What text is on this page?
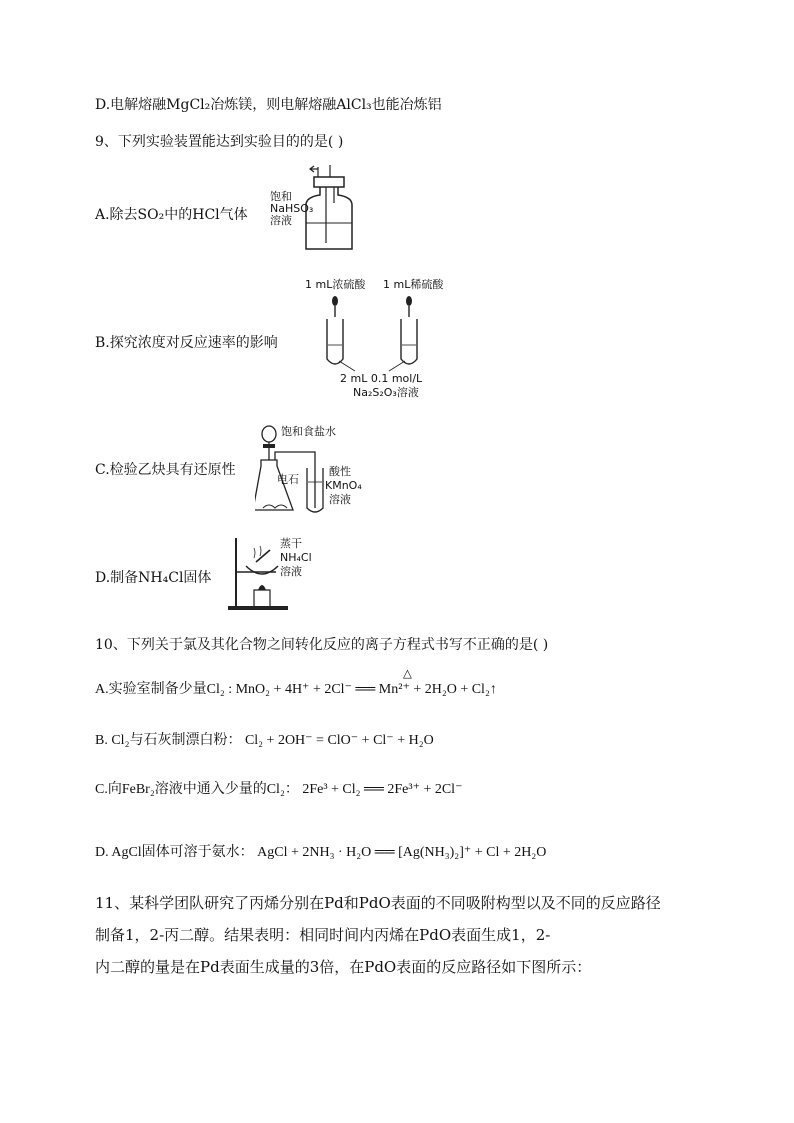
D.电解熔融MgCl₂冶炼镁，则电解熔融AlCl₃也能冶炼铝
9、下列实验装置能达到实验目的的是( )
A.除去SO₂中的HCl气体
饱和
NaHSO₃
溶液
B.探究浓度对反应速率的影响
1 mL浓硫酸 1 mL稀硫酸
2 mL 0.1 mol/L
Na₂S₂O₃溶液
C.检验乙炔具有还原性
饱和食盐水
电石
酸性
KMnO₄
溶液
D.制备NH₄Cl固体
蒸干
NH₄Cl
溶液
10、下列关于氯及其化合物之间转化反应的离子方程式书写不正确的是( )
△
A.实验室制备少量Cl₂ : MnO₂ + 4H⁺ + 2Cl⁻ ══ Mn²⁺ + 2H₂O + Cl₂↑
B. Cl₂与石灰制漂白粉： Cl₂ + 2OH⁻ = ClO⁻ + Cl⁻ + H₂O
C.向FeBr₂溶液中通入少量的Cl₂： 2Fe³ + Cl₂ ══ 2Fe³⁺ + 2Cl⁻
D. AgCl固体可溶于氨水： AgCl + 2NH₃ · H₂O ══ [Ag(NH₃)₂]⁺ + Cl + 2H₂O
11、某科学团队研究了丙烯分别在Pd和PdO表面的不同吸附构型以及不同的反应路径
制备1，2-丙二醇。结果表明：相同时间内丙烯在PdO表面生成1，2-
内二醇的量是在Pd表面生成量的3倍，在PdO表面的反应路径如下图所示：
